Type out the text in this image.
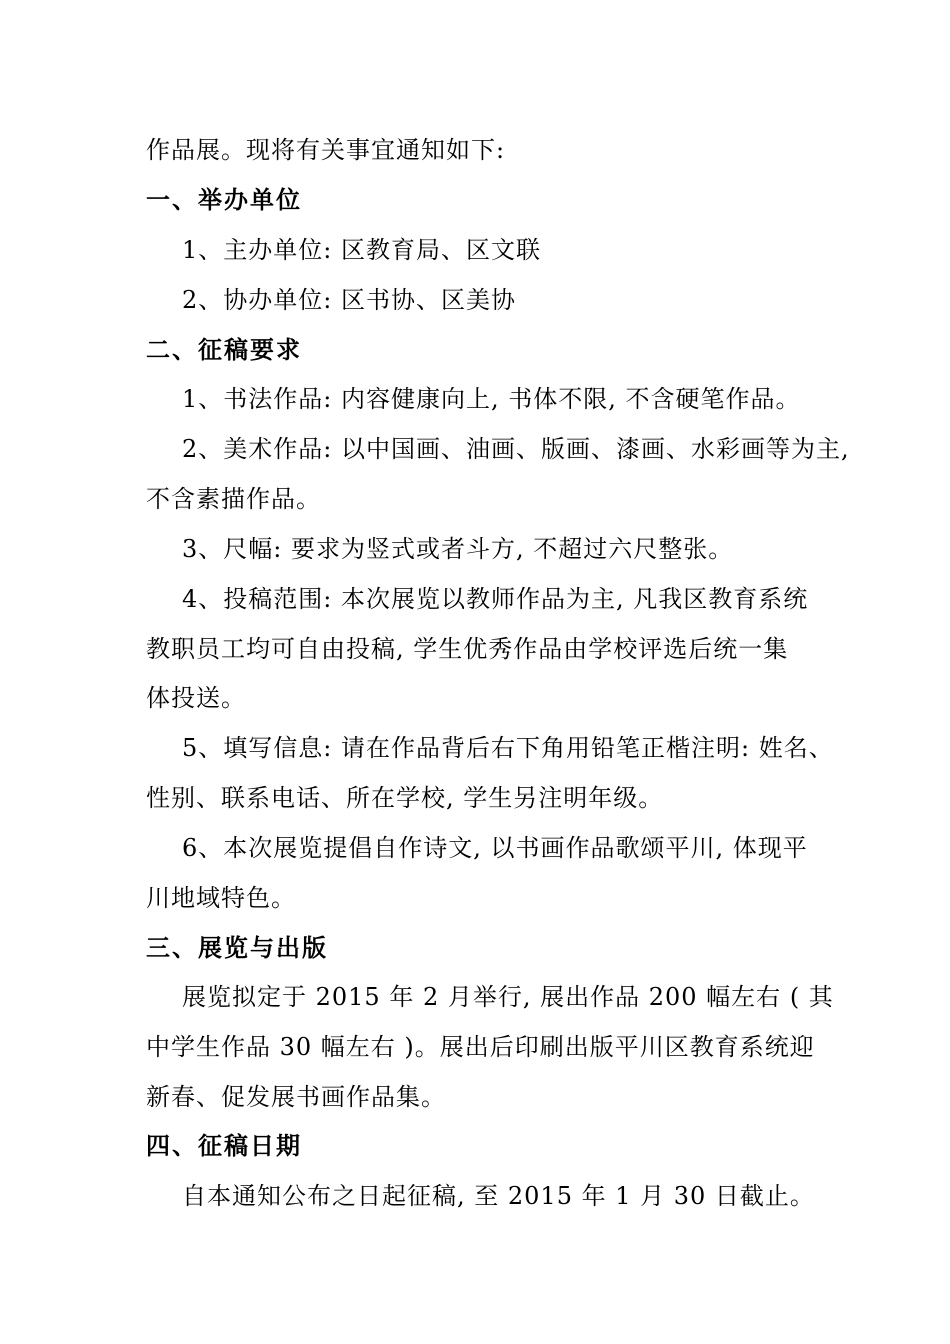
作品展。现将有关事宜通知如下:
一、举办单位
1、主办单位: 区教育局、区文联
2、协办单位: 区书协、区美协
二、征稿要求
1、书法作品: 内容健康向上, 书体不限, 不含硬笔作品。
2、美术作品: 以中国画、油画、版画、漆画、水彩画等为主,
不含素描作品。
3、尺幅: 要求为竖式或者斗方, 不超过六尺整张。
4、投稿范围: 本次展览以教师作品为主, 凡我区教育系统
教职员工均可自由投稿, 学生优秀作品由学校评选后统一集
体投送。
5、填写信息: 请在作品背后右下角用铅笔正楷注明: 姓名、
性别、联系电话、所在学校, 学生另注明年级。
6、本次展览提倡自作诗文, 以书画作品歌颂平川, 体现平
川地域特色。
三、展览与出版
展览拟定于 2015 年 2 月举行, 展出作品 200 幅左右 ( 其
中学生作品 30 幅左右 )。展出后印刷出版平川区教育系统迎
新春、促发展书画作品集。
四、征稿日期
自本通知公布之日起征稿, 至 2015 年 1 月 30 日截止。
